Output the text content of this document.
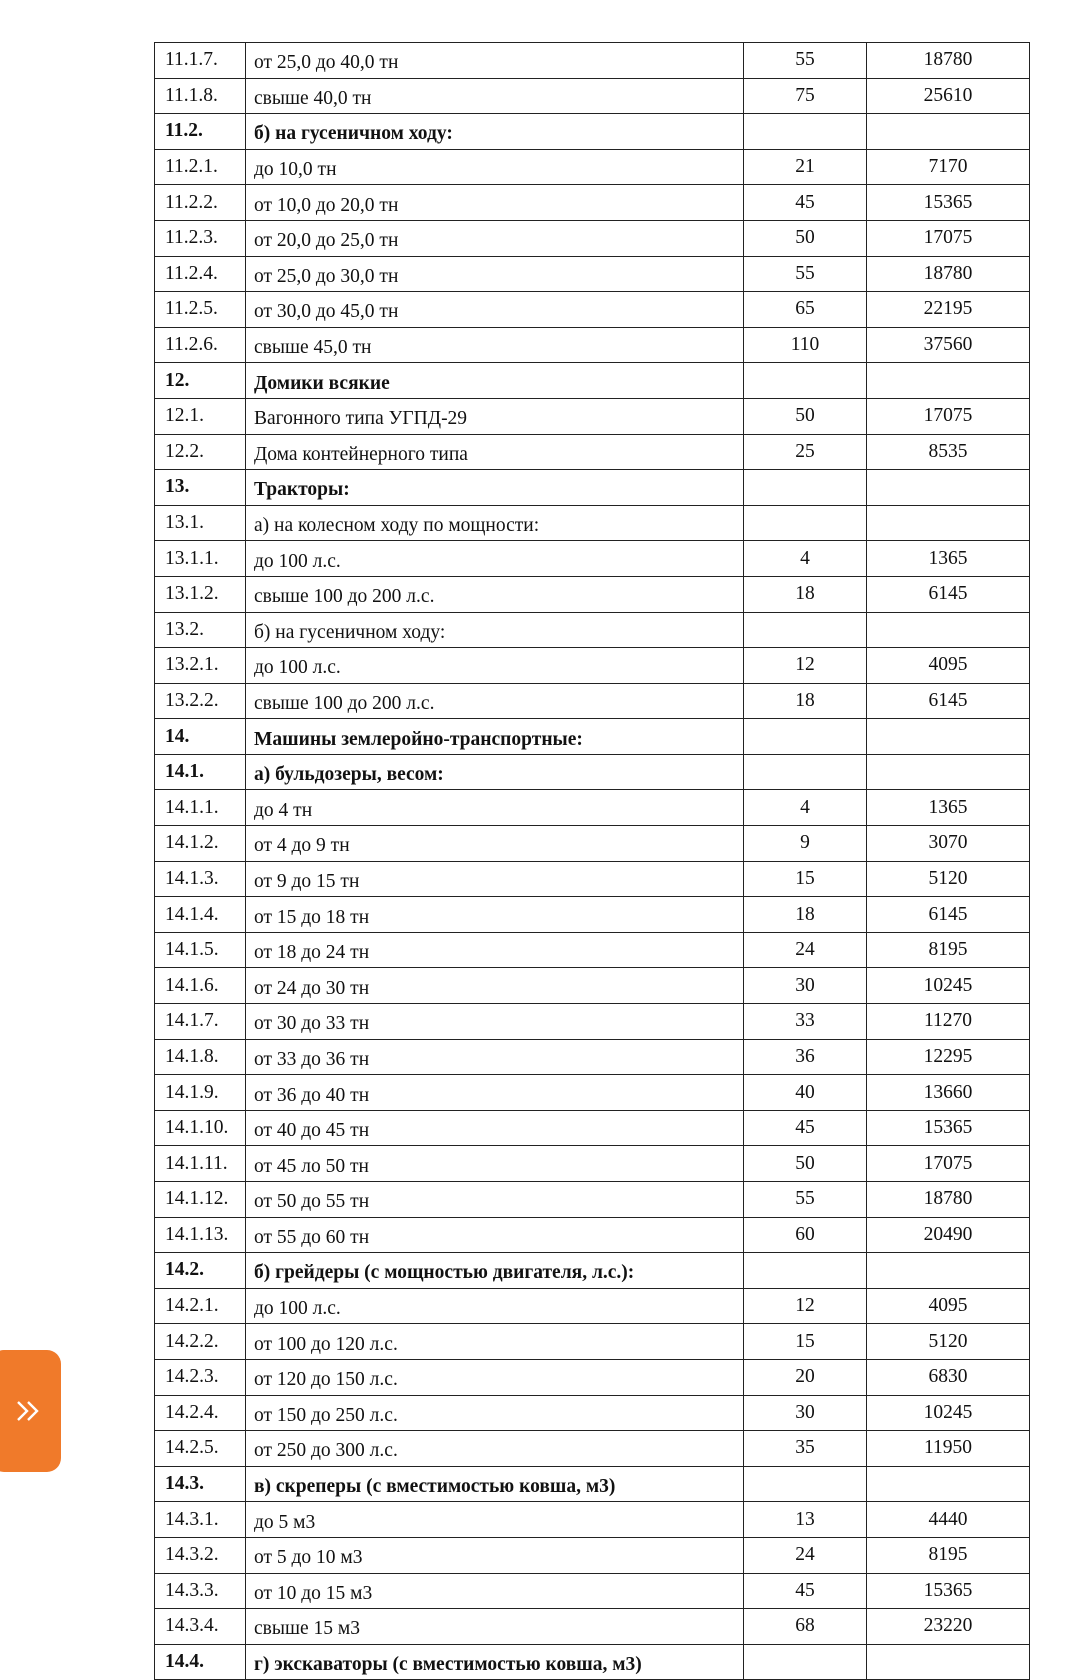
11.1.7.	от 25,0 до 40,0 тн	55	18780
11.1.8.	свыше 40,0 тн	75	25610
11.2.	б) на гусеничном ходу:		
11.2.1.	до 10,0 тн	21	7170
11.2.2.	от 10,0 до 20,0 тн	45	15365
11.2.3.	от 20,0 до 25,0 тн	50	17075
11.2.4.	от 25,0 до 30,0 тн	55	18780
11.2.5.	от 30,0 до 45,0 тн	65	22195
11.2.6.	свыше 45,0 тн	110	37560
12.	Домики всякие		
12.1.	Вагонного типа УГПД-29	50	17075
12.2.	Дома контейнерного типа	25	8535
13.	Тракторы:		
13.1.	а) на колесном ходу по мощности:		
13.1.1.	до 100 л.с.	4	1365
13.1.2.	свыше 100 до 200 л.с.	18	6145
13.2.	б) на гусеничном ходу:		
13.2.1.	до 100 л.с.	12	4095
13.2.2.	свыше 100 до 200 л.с.	18	6145
14.	Машины землеройно-транспортные:		
14.1.	а) бульдозеры, весом:		
14.1.1.	до 4 тн	4	1365
14.1.2.	от 4 до 9 тн	9	3070
14.1.3.	от 9 до 15 тн	15	5120
14.1.4.	от 15 до 18 тн	18	6145
14.1.5.	от 18 до 24 тн	24	8195
14.1.6.	от 24 до 30 тн	30	10245
14.1.7.	от 30 до 33 тн	33	11270
14.1.8.	от 33 до 36 тн	36	12295
14.1.9.	от 36 до 40 тн	40	13660
14.1.10.	от 40 до 45 тн	45	15365
14.1.11.	от 45 ло 50 тн	50	17075
14.1.12.	от 50 до 55 тн	55	18780
14.1.13.	от 55 до 60 тн	60	20490
14.2.	б) грейдеры (с мощностью двигателя, л.с.):		
14.2.1.	до 100 л.с.	12	4095
14.2.2.	от 100 до 120 л.с.	15	5120
14.2.3.	от 120 до 150 л.с.	20	6830
14.2.4.	от 150 до 250 л.с.	30	10245
14.2.5.	от 250 до 300 л.с.	35	11950
14.3.	в) скреперы (с вместимостью ковша, м3)		
14.3.1.	до 5 м3	13	4440
14.3.2.	от 5 до 10 м3	24	8195
14.3.3.	от 10 до 15 м3	45	15365
14.3.4.	свыше 15 м3	68	23220
14.4.	г) экскаваторы (с вместимостью ковша, м3)		
